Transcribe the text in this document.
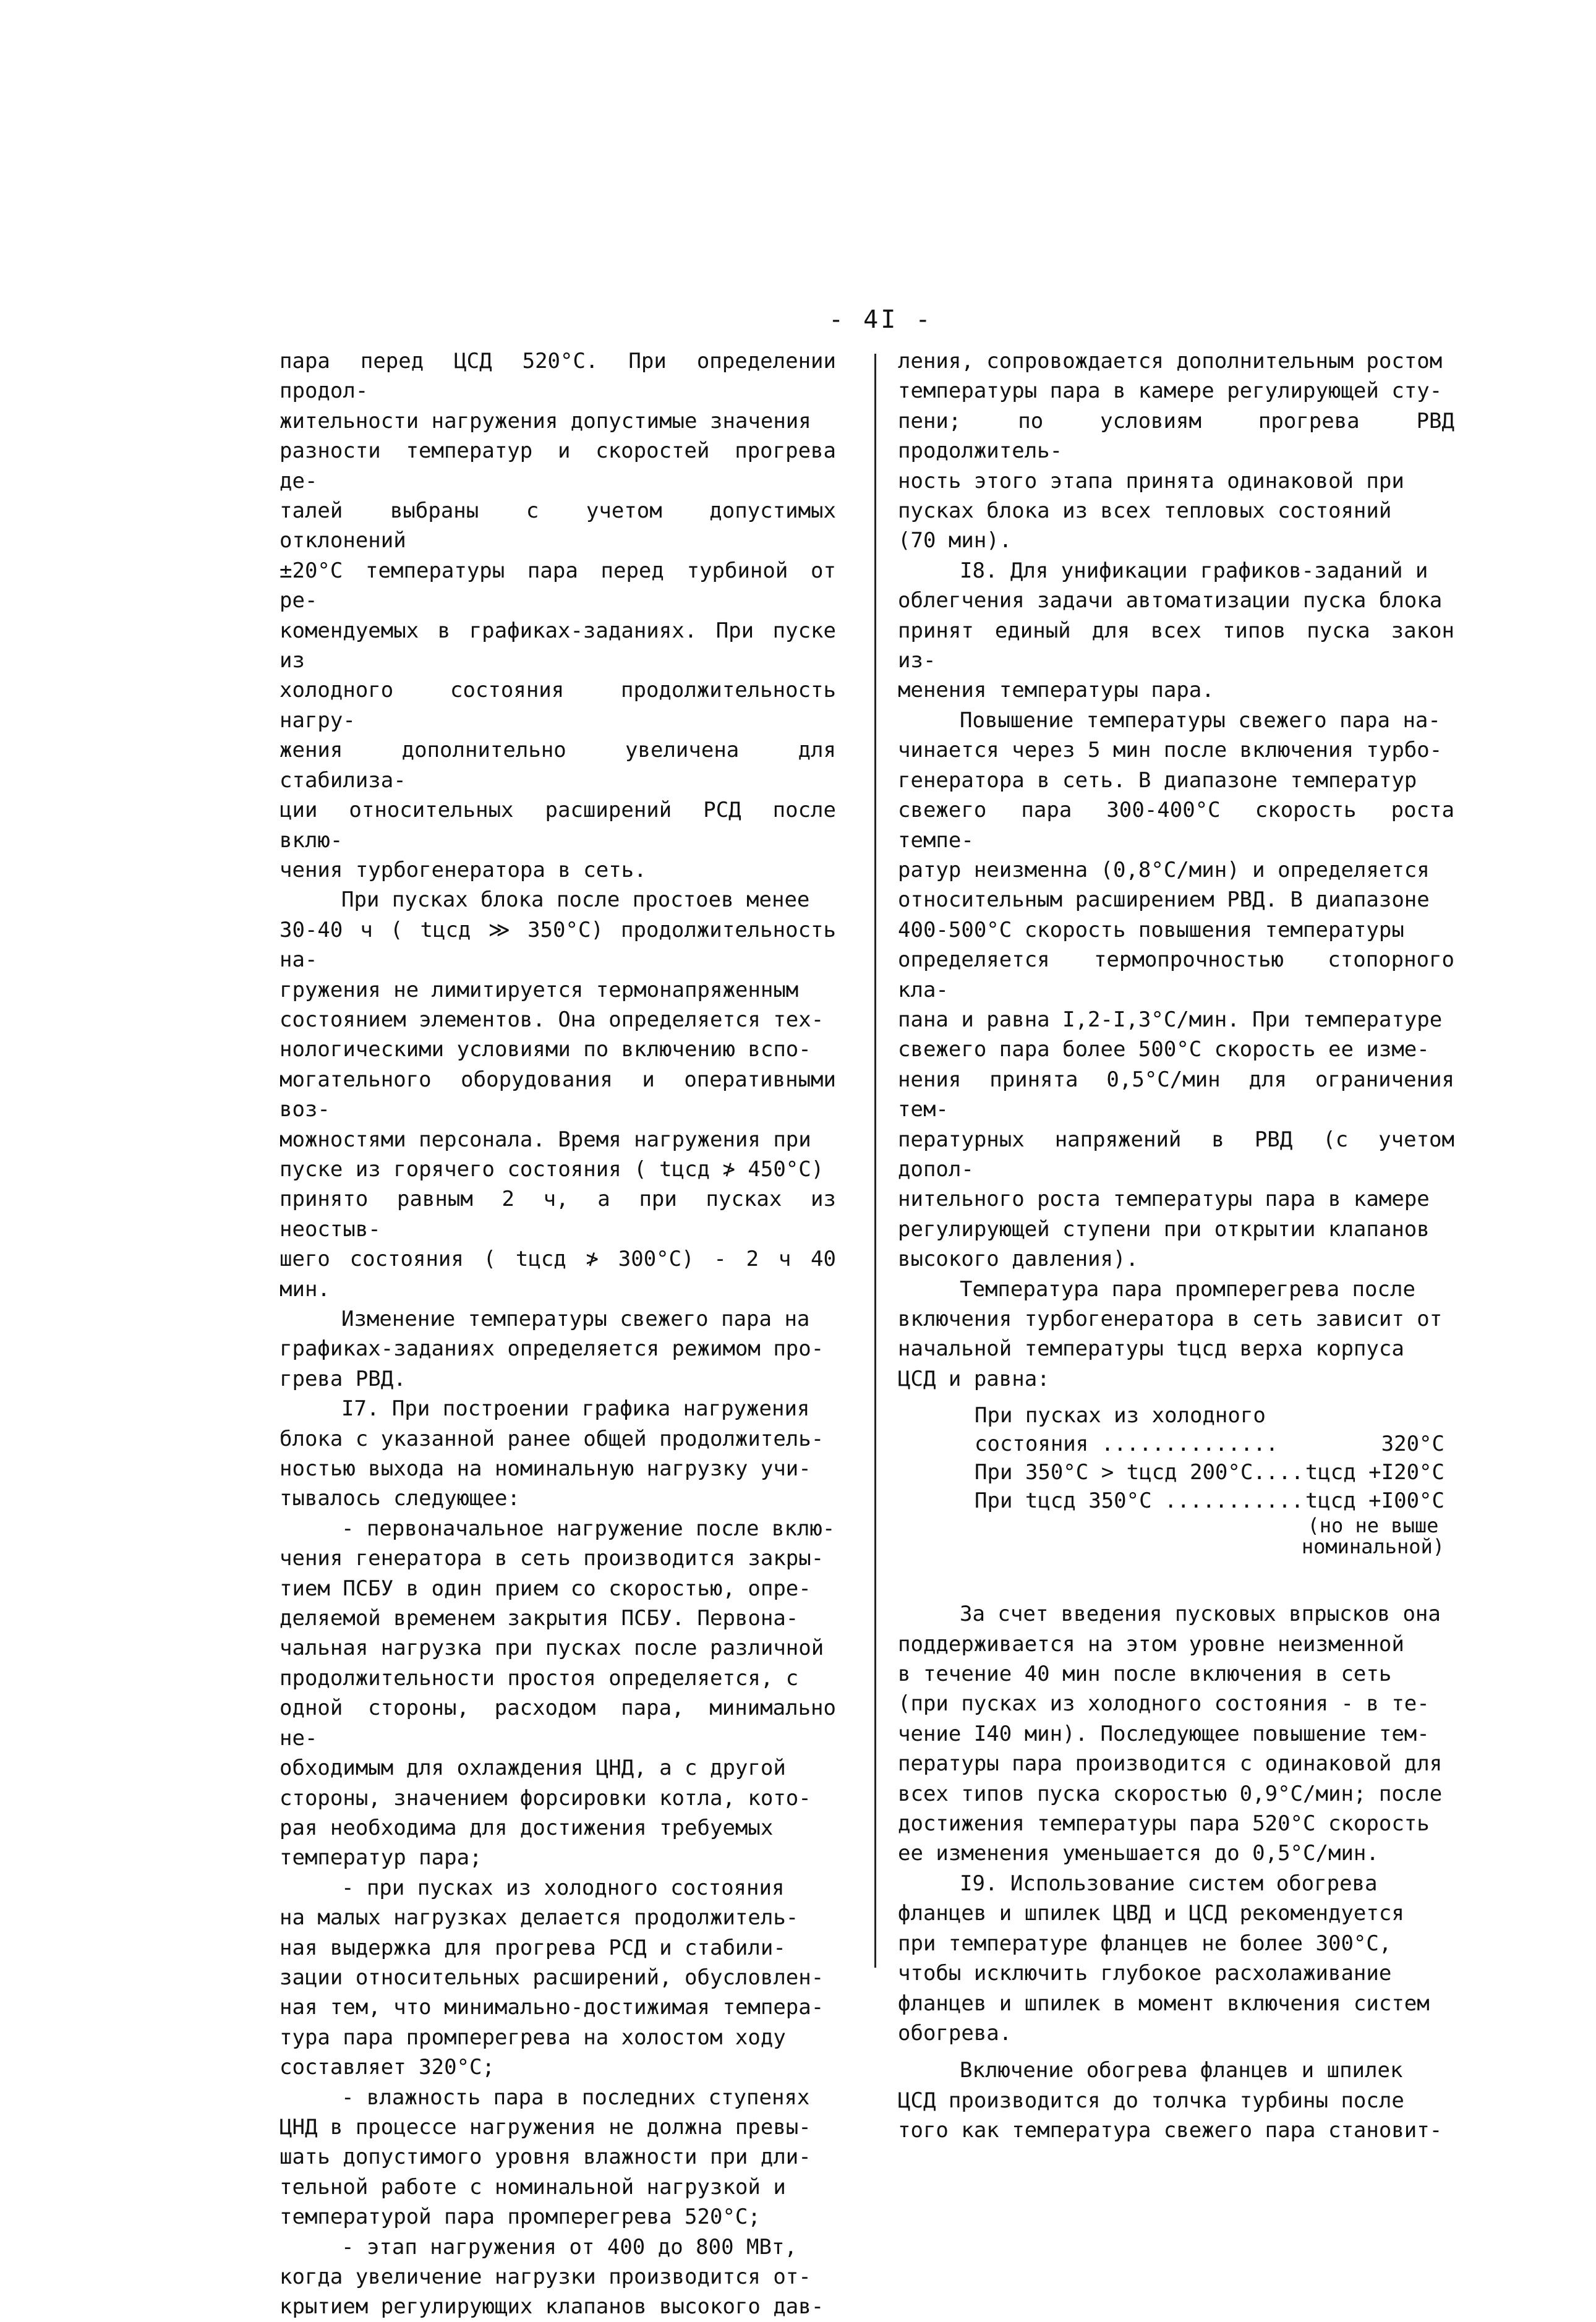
- 4I -

пара перед ЦСД 520°С. При определении продол-
жительности нагружения допустимые значения
разности температур и скоростей прогрева де-
талей выбраны с учетом допустимых отклонений
±20°С температуры пара перед турбиной от ре-
комендуемых в графиках-заданиях. При пуске из
холодного состояния продолжительность нагру-
жения дополнительно увеличена для стабилиза-
ции относительных расширений РСД после вклю-
чения турбогенератора в сеть.

При пусках блока после простоев менее
30-40 ч ( tцсд ≫ 350°С) продолжительность на-
гружения не лимитируется термонапряженным
состоянием элементов. Она определяется тех-
нологическими условиями по включению вспо-
могательного оборудования и оперативными воз-
можностями персонала. Время нагружения при
пуске из горячего состояния ( tцсд ≯ 450°С)
принято равным 2 ч, а при пусках из неостыв-
шего состояния ( tцсд ≯ 300°С) - 2 ч 40 мин.

Изменение температуры свежего пара на
графиках-заданиях определяется режимом про-
грева РВД.

I7. При построении графика нагружения
блока с указанной ранее общей продолжитель-
ностью выхода на номинальную нагрузку учи-
тывалось следующее:

- первоначальное нагружение после вклю-
чения генератора в сеть производится закры-
тием ПСБУ в один прием со скоростью, опре-
деляемой временем закрытия ПСБУ. Первона-
чальная нагрузка при пусках после различной
продолжительности простоя определяется, с
одной стороны, расходом пара, минимально не-
обходимым для охлаждения ЦНД, а с другой
стороны, значением форсировки котла, кото-
рая необходима для достижения требуемых
температур пара;

- при пусках из холодного состояния
на малых нагрузках делается продолжитель-
ная выдержка для прогрева РСД и стабили-
зации относительных расширений, обусловлен-
ная тем, что минимально-достижимая темпера-
тура пара промперегрева на холостом ходу
составляет 320°С;

- влажность пара в последних ступенях
ЦНД в процессе нагружения не должна превы-
шать допустимого уровня влажности при дли-
тельной работе с номинальной нагрузкой и
температурой пара промперегрева 520°С;

- этап нагружения от 400 до 800 МВт,
когда увеличение нагрузки производится от-
крытием регулирующих клапанов высокого дав-

ления, сопровождается дополнительным ростом
температуры пара в камере регулирующей сту-
пени; по условиям прогрева РВД продолжитель-
ность этого этапа принята одинаковой при
пусках блока из всех тепловых состояний
(70 мин).

I8. Для унификации графиков-заданий и
облегчения задачи автоматизации пуска блока
принят единый для всех типов пуска закон из-
менения температуры пара.

Повышение температуры свежего пара на-
чинается через 5 мин после включения турбо-
генератора в сеть. В диапазоне температур
свежего пара 300-400°С скорость роста темпе-
ратур неизменна (0,8°С/мин) и определяется
относительным расширением РВД. В диапазоне
400-500°С скорость повышения температуры
определяется термопрочностью стопорного кла-
пана и равна I,2-I,3°С/мин. При температуре
свежего пара более 500°С скорость ее изме-
нения принята 0,5°С/мин для ограничения тем-
пературных напряжений в РВД (с учетом допол-
нительного роста температуры пара в камере
регулирующей ступени при открытии клапанов
высокого давления).

Температура пара промперегрева после
включения турбогенератора в сеть зависит от
начальной температуры tцсд верха корпуса
ЦСД и равна:

При пусках из холодного

состояния ..............

	320°С

При 350°С > tцсд 200°С....

tцсд +I20°С

При tцсд 350°С ...........

tцсд +I00°С

(но не выше
номинальной)

За счет введения пусковых впрысков она
поддерживается на этом уровне неизменной
в течение 40 мин после включения в сеть
(при пусках из холодного состояния - в те-
чение I40 мин). Последующее повышение тем-
пературы пара производится с одинаковой для
всех типов пуска скоростью 0,9°С/мин; после
достижения температуры пара 520°С скорость
ее изменения уменьшается до 0,5°С/мин.

I9. Использование систем обогрева
фланцев и шпилек ЦВД и ЦСД рекомендуется
при температуре фланцев не более 300°С,
чтобы исключить глубокое расхолаживание
фланцев и шпилек в момент включения систем
обогрева.

Включение обогрева фланцев и шпилек
ЦСД производится до толчка турбины после
того как температура свежего пара становит-
